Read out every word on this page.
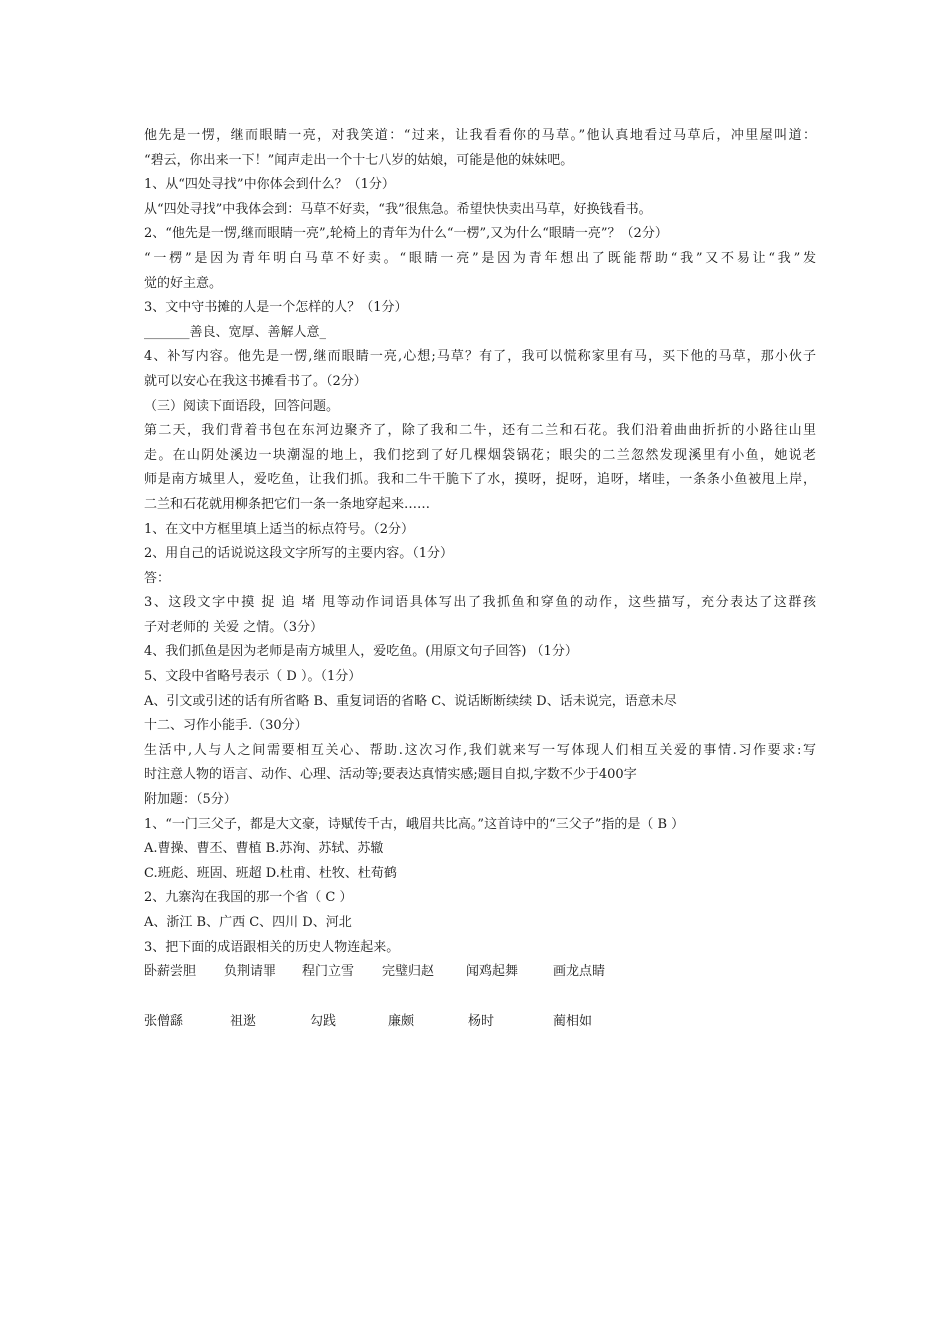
他先是一愣，继而眼睛一亮，对我笑道：“过来，让我看看你的马草。”他认真地看过马草后，冲里屋叫道：
“碧云，你出来一下！”闻声走出一个十七八岁的姑娘，可能是他的妹妹吧。
1、从“四处寻找”中你体会到什么？（1分）
从“四处寻找”中我体会到：马草不好卖，“我”很焦急。希望快快卖出马草，好换钱看书。
2、“他先是一愣,继而眼睛一亮”,轮椅上的青年为什么“一楞”,又为什么“眼睛一亮”？（2分）
“一楞”是因为青年明白马草不好卖。“眼睛一亮”是因为青年想出了既能帮助“我”又不易让“我”发
觉的好主意。
3、文中守书摊的人是一个怎样的人？（1分）
_______善良、宽厚、善解人意_
4、补写内容。他先是一愣,继而眼睛一亮,心想;马草？有了，我可以慌称家里有马，买下他的马草，那小伙子
就可以安心在我这书摊看书了。（2分）
（三）阅读下面语段，回答问题。
第二天，我们背着书包在东河边聚齐了，除了我和二牛，还有二兰和石花。我们沿着曲曲折折的小路往山里
走。在山阴处溪边一块潮湿的地上，我们挖到了好几棵烟袋锅花；眼尖的二兰忽然发现溪里有小鱼，她说老
师是南方城里人，爱吃鱼，让我们抓。我和二牛干脆下了水，摸呀，捉呀，追呀，堵哇，一条条小鱼被甩上岸，
二兰和石花就用柳条把它们一条一条地穿起来……
1、在文中方框里填上适当的标点符号。（2分）
2、用自己的话说说这段文字所写的主要内容。（1分）
答：
3、这段文字中摸 捉 追 堵 甩等动作词语具体写出了我抓鱼和穿鱼的动作，这些描写，充分表达了这群孩
子对老师的 关爱 之情。（3分）
4、我们抓鱼是因为老师是南方城里人，爱吃鱼。(用原文句子回答) （1分）
5、文段中省略号表示（ D ）。（1分）
A、引文或引述的话有所省略 B、重复词语的省略 C、说话断断续续 D、话未说完，语意未尽
十二、习作小能手.（30分）
生活中,人与人之间需要相互关心、帮助.这次习作,我们就来写一写体现人们相互关爱的事情.习作要求:写
时注意人物的语言、动作、心理、活动等;要表达真情实感;题目自拟,字数不少于400字
附加题：（5分）
1、“一门三父子，都是大文豪，诗赋传千古，峨眉共比高。”这首诗中的“三父子”指的是（ B ）
A.曹操、曹丕、曹植 B.苏洵、苏轼、苏辙
C.班彪、班固、班超 D.杜甫、杜牧、杜荀鹤
2、九寨沟在我国的那一个省（ C ）
A、浙江 B、广西 C、四川 D、河北
3、把下面的成语跟相关的历史人物连起来。
卧薪尝胆 负荆请罪 程门立雪 完璧归赵 闻鸡起舞	画龙点睛
张僧繇	祖逖	勾践	廉颇	杨时	蔺相如
